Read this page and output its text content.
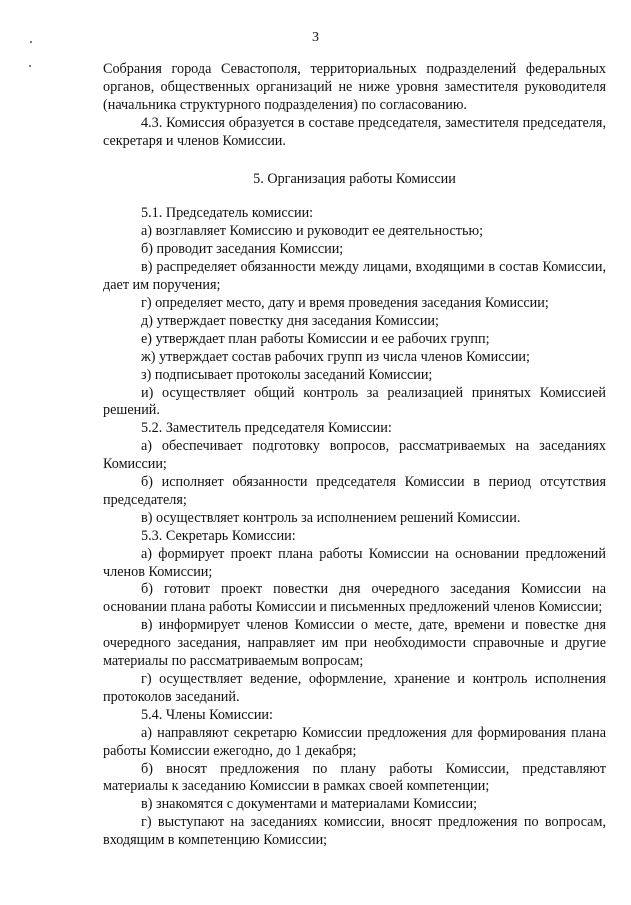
3

Собрания города Севастополя, территориальных подразделений федеральных органов, общественных организаций не ниже уровня заместителя руководителя (начальника структурного подразделения) по согласованию.

4.3. Комиссия образуется в составе председателя, заместителя председателя, секретаря и членов Комиссии.

5. Организация работы Комиссии

5.1. Председатель комиссии:

а) возглавляет Комиссию и руководит ее деятельностью;

б) проводит заседания Комиссии;

в) распределяет обязанности между лицами, входящими в состав Комиссии, дает им поручения;

г) определяет место, дату и время проведения заседания Комиссии;

д) утверждает повестку дня заседания Комиссии;

е) утверждает план работы Комиссии и ее рабочих групп;

ж) утверждает состав рабочих групп из числа членов Комиссии;

з) подписывает протоколы заседаний Комиссии;

и) осуществляет общий контроль за реализацией принятых Комиссией решений.

5.2. Заместитель председателя Комиссии:

а) обеспечивает подготовку вопросов, рассматриваемых на заседаниях Комиссии;

б) исполняет обязанности председателя Комиссии в период отсутствия председателя;

в) осуществляет контроль за исполнением решений Комиссии.

5.3. Секретарь Комиссии:

а) формирует проект плана работы Комиссии на основании предложений членов Комиссии;

б) готовит проект повестки дня очередного заседания Комиссии на основании плана работы Комиссии и письменных предложений членов Комиссии;

в) информирует членов Комиссии о месте, дате, времени и повестке дня очередного заседания, направляет им при необходимости справочные и другие материалы по рассматриваемым вопросам;

г) осуществляет ведение, оформление, хранение и контроль исполнения протоколов заседаний.

5.4. Члены Комиссии:

а) направляют секретарю Комиссии предложения для формирования плана работы Комиссии ежегодно, до 1 декабря;

б) вносят предложения по плану работы Комиссии, представляют материалы к заседанию Комиссии в рамках своей компетенции;

в) знакомятся с документами и материалами Комиссии;

г) выступают на заседаниях комиссии, вносят предложения по вопросам, входящим в компетенцию Комиссии;
